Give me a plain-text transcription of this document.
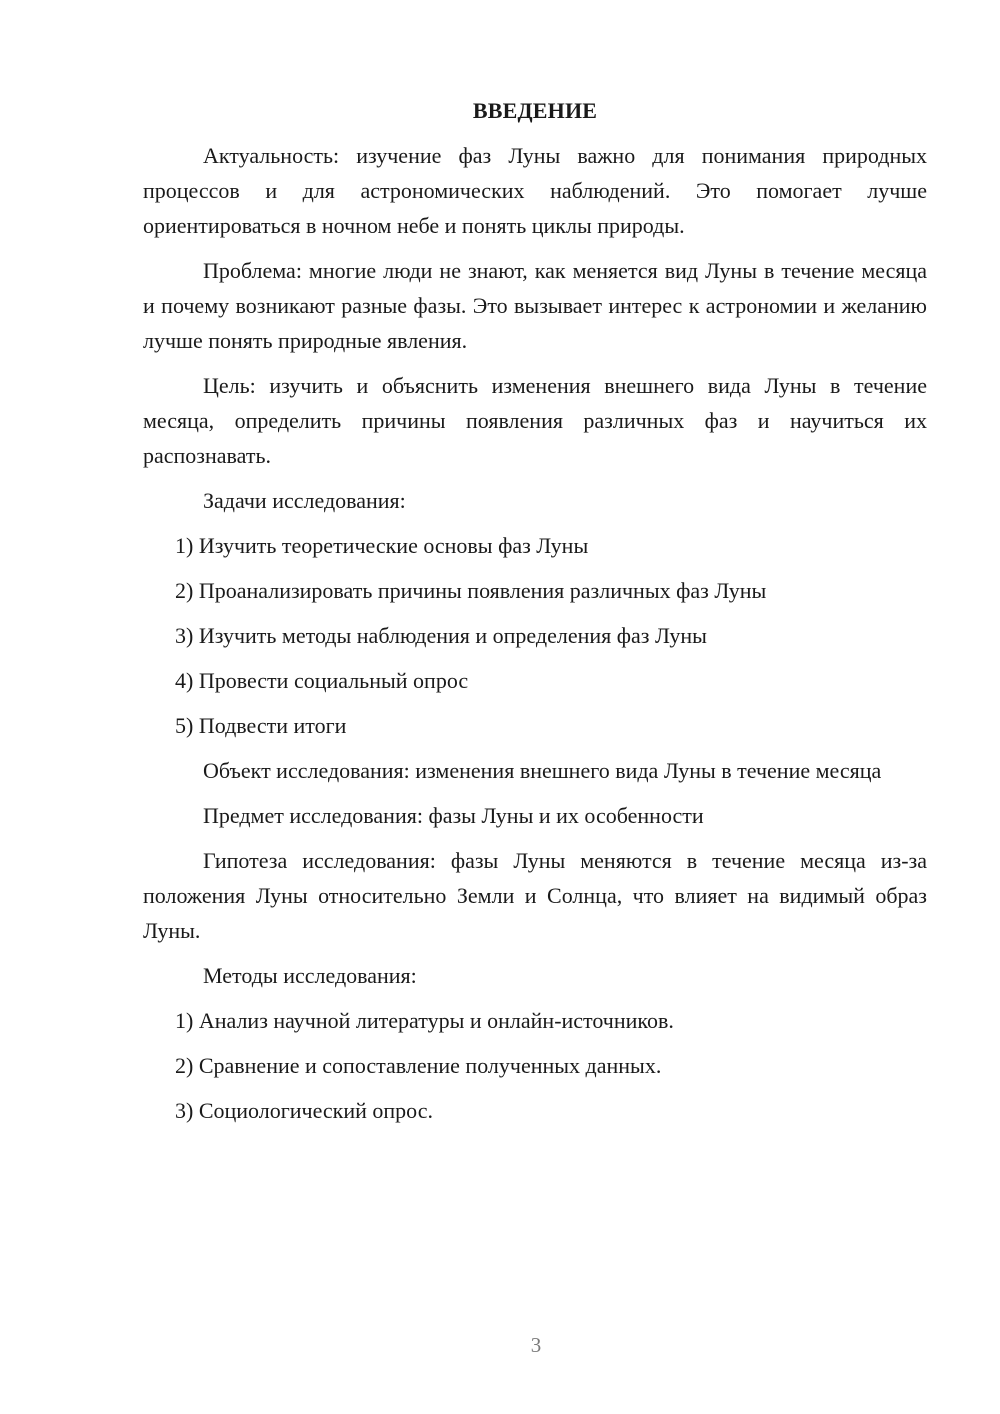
ВВЕДЕНИЕ

Актуальность: изучение фаз Луны важно для понимания природных процессов и для астрономических наблюдений. Это помогает лучше ориентироваться в ночном небе и понять циклы природы.

Проблема: многие люди не знают, как меняется вид Луны в течение месяца и почему возникают разные фазы. Это вызывает интерес к астрономии и желанию лучше понять природные явления.

Цель: изучить и объяснить изменения внешнего вида Луны в течение месяца, определить причины появления различных фаз и научиться их распознавать.

Задачи исследования:

1) Изучить теоретические основы фаз Луны

2) Проанализировать причины появления различных фаз Луны

3) Изучить методы наблюдения и определения фаз Луны

4) Провести социальный опрос

5) Подвести итоги

Объект исследования: изменения внешнего вида Луны в течение месяца

Предмет исследования: фазы Луны и их особенности

Гипотеза исследования: фазы Луны меняются в течение месяца из-за положения Луны относительно Земли и Солнца, что влияет на видимый образ Луны.

Методы исследования:

1) Анализ научной литературы и онлайн-источников.

2) Сравнение и сопоставление полученных данных.

3) Социологический опрос.

3
